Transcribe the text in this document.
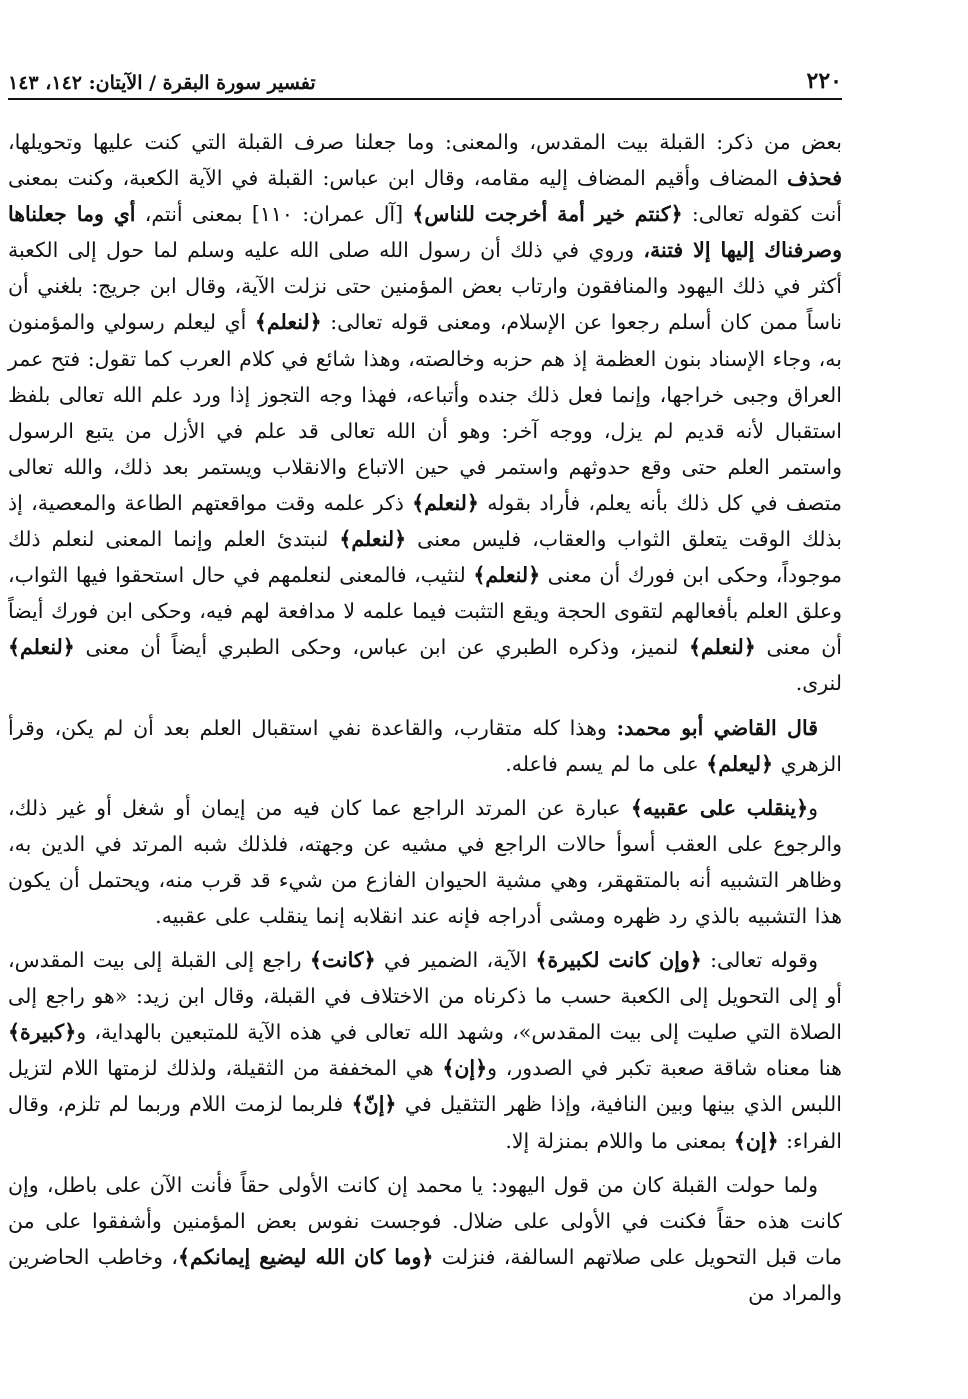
٢٢٠
تفسير سورة البقرة / الآيتان: ١٤٢، ١٤٣

بعض من ذكر: القبلة بيت المقدس، والمعنى: وما جعلنا صرف القبلة التي كنت عليها وتحويلها، فحذف المضاف وأقيم المضاف إليه مقامه، وقال ابن عباس: القبلة في الآية الكعبة، وكنت بمعنى أنت كقوله تعالى: ﴿كنتم خير أمة أخرجت للناس﴾ [آل عمران: ١١٠] بمعنى أنتم، أي وما جعلناها وصرفناك إليها إلا فتنة، وروي في ذلك أن رسول الله صلى الله عليه وسلم لما حول إلى الكعبة أكثر في ذلك اليهود والمنافقون وارتاب بعض المؤمنين حتى نزلت الآية، وقال ابن جريج: بلغني أن ناساً ممن كان أسلم رجعوا عن الإسلام، ومعنى قوله تعالى: ﴿لنعلم﴾ أي ليعلم رسولي والمؤمنون به، وجاء الإسناد بنون العظمة إذ هم حزبه وخالصته، وهذا شائع في كلام العرب كما تقول: فتح عمر العراق وجبى خراجها، وإنما فعل ذلك جنده وأتباعه، فهذا وجه التجوز إذا ورد علم الله تعالى بلفظ استقبال لأنه قديم لم يزل، ووجه آخر: وهو أن الله تعالى قد علم في الأزل من يتبع الرسول واستمر العلم حتى وقع حدوثهم واستمر في حين الاتباع والانقلاب ويستمر بعد ذلك، والله تعالى متصف في كل ذلك بأنه يعلم، فأراد بقوله ﴿لنعلم﴾ ذكر علمه وقت مواقعتهم الطاعة والمعصية، إذ بذلك الوقت يتعلق الثواب والعقاب، فليس معنى ﴿لنعلم﴾ لنبتدئ العلم وإنما المعنى لنعلم ذلك موجوداً، وحكى ابن فورك أن معنى ﴿لنعلم﴾ لنثيب، فالمعنى لنعلمهم في حال استحقوا فيها الثواب، وعلق العلم بأفعالهم لتقوى الحجة ويقع التثبت فيما علمه لا مدافعة لهم فيه، وحكى ابن فورك أيضاً أن معنى ﴿لنعلم﴾ لنميز، وذكره الطبري عن ابن عباس، وحكى الطبري أيضاً أن معنى ﴿لنعلم﴾ لنرى.

قال القاضي أبو محمد: وهذا كله متقارب، والقاعدة نفي استقبال العلم بعد أن لم يكن، وقرأ الزهري ﴿ليعلم﴾ على ما لم يسم فاعله.

و﴿ينقلب على عقبيه﴾ عبارة عن المرتد الراجع عما كان فيه من إيمان أو شغل أو غير ذلك، والرجوع على العقب أسوأ حالات الراجع في مشيه عن وجهته، فلذلك شبه المرتد في الدين به، وظاهر التشبيه أنه بالمتقهقر، وهي مشية الحيوان الفازع من شيء قد قرب منه، ويحتمل أن يكون هذا التشبيه بالذي رد ظهره ومشى أدراجه فإنه عند انقلابه إنما ينقلب على عقبيه.

وقوله تعالى: ﴿وإن كانت لكبيرة﴾ الآية، الضمير في ﴿كانت﴾ راجع إلى القبلة إلى بيت المقدس، أو إلى التحويل إلى الكعبة حسب ما ذكرناه من الاختلاف في القبلة، وقال ابن زيد: «هو راجع إلى الصلاة التي صليت إلى بيت المقدس»، وشهد الله تعالى في هذه الآية للمتبعين بالهداية، و﴿كبيرة﴾ هنا معناه شاقة صعبة تكبر في الصدور، و﴿إن﴾ هي المخففة من الثقيلة، ولذلك لزمتها اللام لتزيل اللبس الذي بينها وبين النافية، وإذا ظهر التثقيل في ﴿إنّ﴾ فلربما لزمت اللام وربما لم تلزم، وقال الفراء: ﴿إن﴾ بمعنى ما واللام بمنزلة إلا.

ولما حولت القبلة كان من قول اليهود: يا محمد إن كانت الأولى حقاً فأنت الآن على باطل، وإن كانت هذه حقاً فكنت في الأولى على ضلال. فوجست نفوس بعض المؤمنين وأشفقوا على من مات قبل التحويل على صلاتهم السالفة، فنزلت ﴿وما كان الله ليضيع إيمانكم﴾، وخاطب الحاضرين والمراد من
